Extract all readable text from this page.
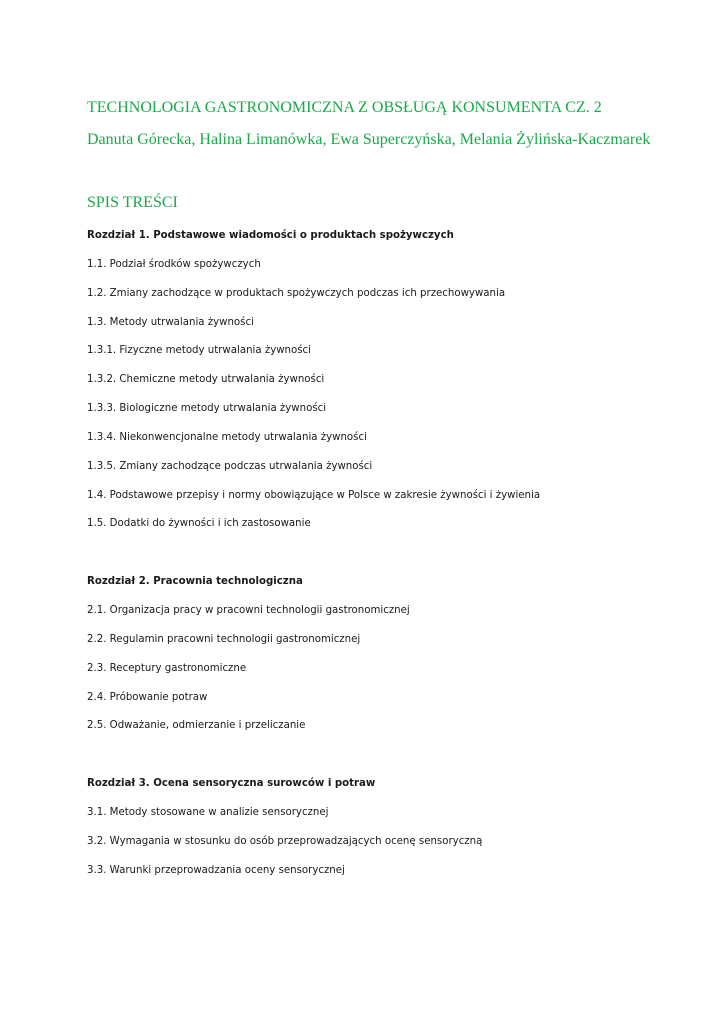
TECHNOLOGIA GASTRONOMICZNA Z OBSŁUGĄ KONSUMENTA CZ. 2

Danuta Górecka, Halina Limanówka, Ewa Superczyńska, Melania Żylińska-Kaczmarek

SPIS TREŚCI
Rozdział 1. Podstawowe wiadomości o produktach spożywczych
1.1. Podział środków spożywczych
1.2. Zmiany zachodzące w produktach spożywczych podczas ich przechowywania
1.3. Metody utrwalania żywności
1.3.1. Fizyczne metody utrwalania żywności
1.3.2. Chemiczne metody utrwalania żywności
1.3.3. Biologiczne metody utrwalania żywności
1.3.4. Niekonwencjonalne metody utrwalania żywności
1.3.5. Zmiany zachodzące podczas utrwalania żywności
1.4. Podstawowe przepisy i normy obowiązujące w Polsce w zakresie żywności i żywienia
1.5. Dodatki do żywności i ich zastosowanie
Rozdział 2. Pracownia technologiczna
2.1. Organizacja pracy w pracowni technologii gastronomicznej
2.2. Regulamin pracowni technologii gastronomicznej
2.3. Receptury gastronomiczne
2.4. Próbowanie potraw
2.5. Odważanie, odmierzanie i przeliczanie
Rozdział 3. Ocena sensoryczna surowców i potraw
3.1. Metody stosowane w analizie sensorycznej
3.2. Wymagania w stosunku do osób przeprowadzających ocenę sensoryczną
3.3. Warunki przeprowadzania oceny sensorycznej
